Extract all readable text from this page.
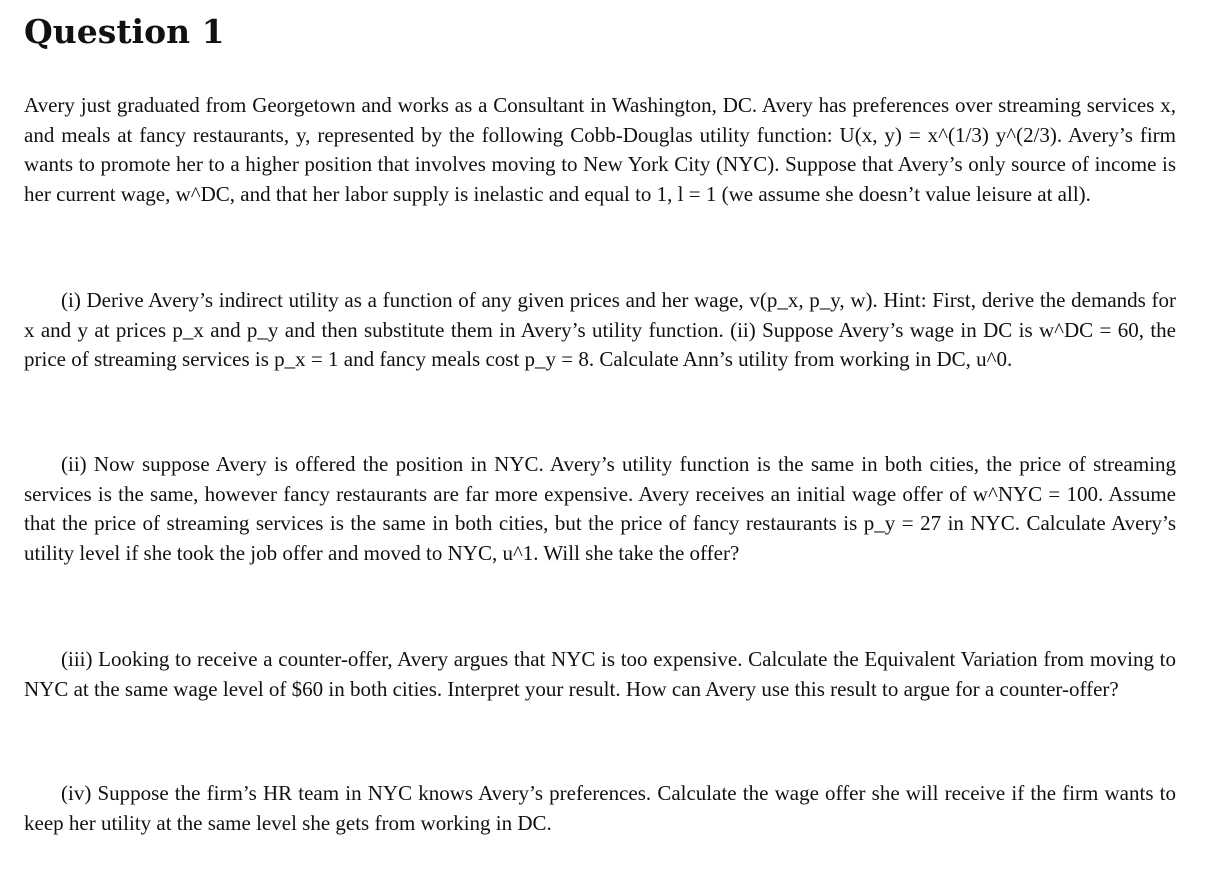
Question 1

Avery just graduated from Georgetown and works as a Consultant in Washington, DC. Avery has preferences over streaming services x, and meals at fancy restaurants, y, represented by the following Cobb-Douglas utility function: U(x, y) = x^(1/3) y^(2/3). Avery’s firm wants to promote her to a higher position that involves moving to New York City (NYC). Suppose that Avery’s only source of income is her current wage, w^DC, and that her labor supply is inelastic and equal to 1, l = 1 (we assume she doesn’t value leisure at all).

(i) Derive Avery’s indirect utility as a function of any given prices and her wage, v(p_x, p_y, w). Hint: First, derive the demands for x and y at prices p_x and p_y and then substitute them in Avery’s utility function. (ii) Suppose Avery’s wage in DC is w^DC = 60, the price of streaming services is p_x = 1 and fancy meals cost p_y = 8. Calculate Ann’s utility from working in DC, u^0.

(ii) Now suppose Avery is offered the position in NYC. Avery’s utility function is the same in both cities, the price of streaming services is the same, however fancy restaurants are far more expensive. Avery receives an initial wage offer of w^NYC = 100. Assume that the price of streaming services is the same in both cities, but the price of fancy restaurants is p_y = 27 in NYC. Calculate Avery’s utility level if she took the job offer and moved to NYC, u^1. Will she take the offer?

(iii) Looking to receive a counter-offer, Avery argues that NYC is too expensive. Calculate the Equivalent Variation from moving to NYC at the same wage level of $60 in both cities. Interpret your result. How can Avery use this result to argue for a counter-offer?

(iv) Suppose the firm’s HR team in NYC knows Avery’s preferences. Calculate the wage offer she will receive if the firm wants to keep her utility at the same level she gets from working in DC.
